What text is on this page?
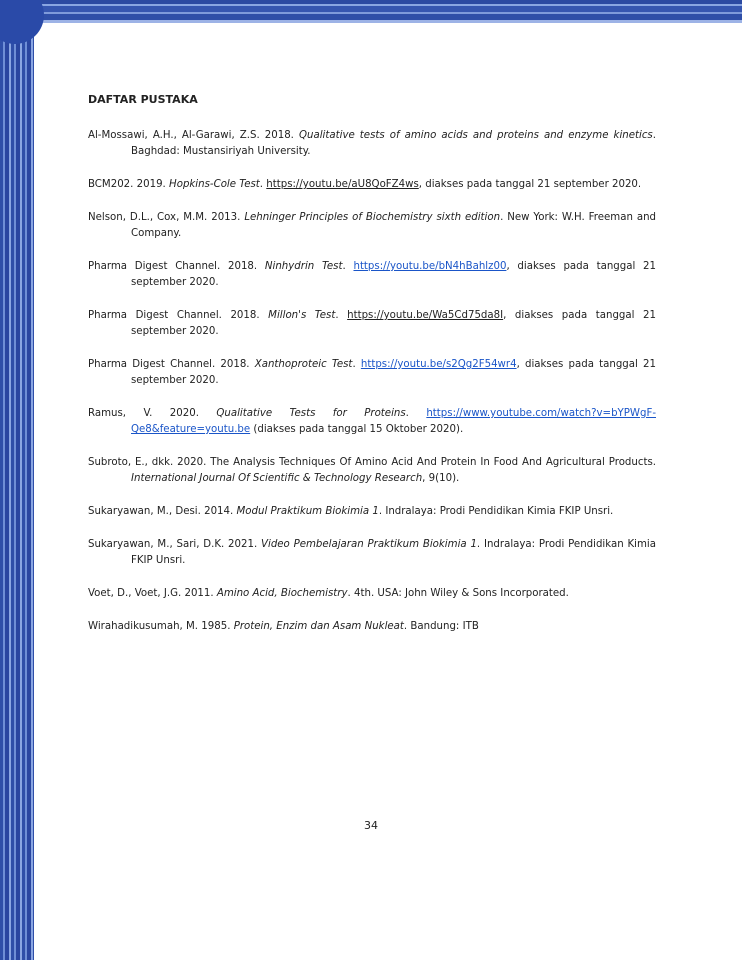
DAFTAR PUSTAKA

Al-Mossawi, A.H., Al-Garawi, Z.S. 2018. Qualitative tests of amino acids and proteins and enzyme kinetics. Baghdad: Mustansiriyah University.

BCM202. 2019. Hopkins-Cole Test. https://youtu.be/aU8QoFZ4ws, diakses pada tanggal 21 september 2020.

Nelson, D.L., Cox, M.M. 2013. Lehninger Principles of Biochemistry sixth edition. New York: W.H. Freeman and Company.

Pharma Digest Channel. 2018. Ninhydrin Test. https://youtu.be/bN4hBahlz00, diakses pada tanggal 21 september 2020.

Pharma Digest Channel. 2018. Millon's Test. https://youtu.be/Wa5Cd75da8I, diakses pada tanggal 21 september 2020.

Pharma Digest Channel. 2018. Xanthoproteic Test. https://youtu.be/s2Qg2F54wr4, diakses pada tanggal 21 september 2020.

Ramus, V. 2020. Qualitative Tests for Proteins. https://www.youtube.com/watch?v=bYPWgF-Qe8&feature=youtu.be (diakses pada tanggal 15 Oktober 2020).

Subroto, E., dkk. 2020. The Analysis Techniques Of Amino Acid And Protein In Food And Agricultural Products. International Journal Of Scientific & Technology Research, 9(10).

Sukaryawan, M., Desi. 2014. Modul Praktikum Biokimia 1. Indralaya: Prodi Pendidikan Kimia FKIP Unsri.

Sukaryawan, M., Sari, D.K. 2021. Video Pembelajaran Praktikum Biokimia 1. Indralaya: Prodi Pendidikan Kimia FKIP Unsri.

Voet, D., Voet, J.G. 2011. Amino Acid, Biochemistry. 4th. USA: John Wiley & Sons Incorporated.

Wirahadikusumah, M. 1985. Protein, Enzim dan Asam Nukleat. Bandung: ITB

34
